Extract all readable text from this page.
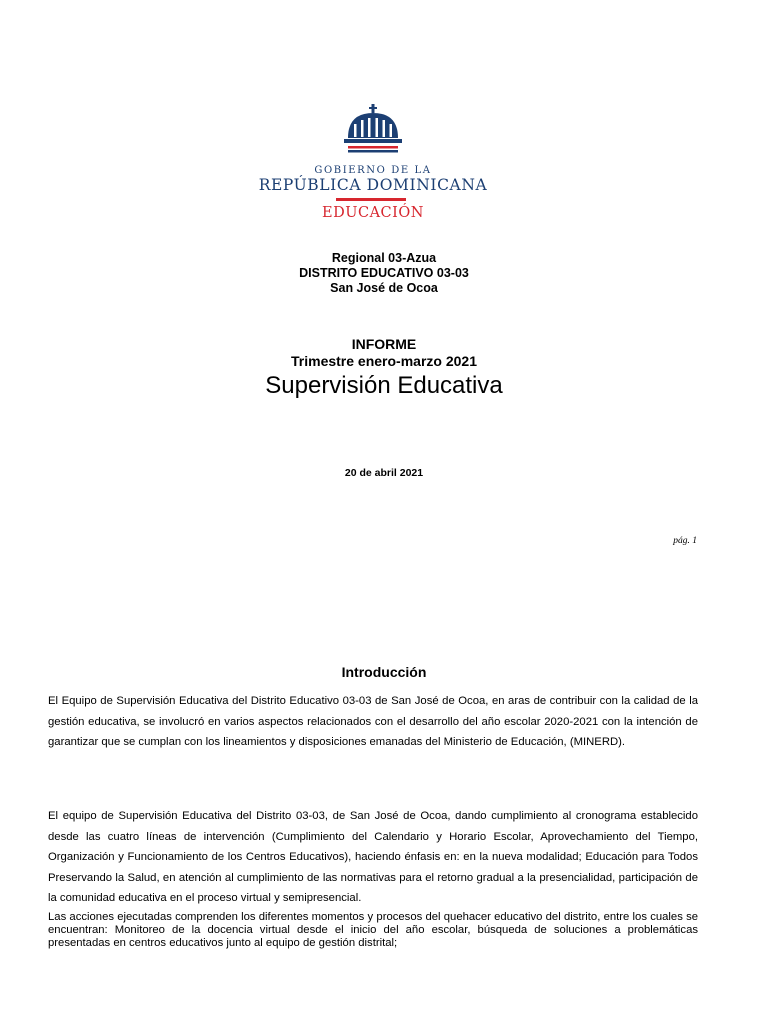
GOBIERNO DE LA
REPÚBLICA DOMINICANA
EDUCACIÓN
Regional 03-Azua
DISTRITO EDUCATIVO 03-03
San José de Ocoa
INFORME
Trimestre enero-marzo 2021
Supervisión Educativa
20 de abril 2021
pág. 1
Introducción

El Equipo de Supervisión Educativa del Distrito Educativo 03-03 de San José de Ocoa, en aras de contribuir con la calidad de la gestión educativa, se involucró en varios aspectos relacionados con el desarrollo del año escolar 2020-2021 con la intención de garantizar que se cumplan con los lineamientos y disposiciones emanadas del Ministerio de Educación, (MINERD).

El equipo de Supervisión Educativa del Distrito 03-03, de San José de Ocoa, dando cumplimiento al cronograma establecido desde las cuatro líneas de intervención (Cumplimiento del Calendario y Horario Escolar, Aprovechamiento del Tiempo, Organización y Funcionamiento de los Centros Educativos), haciendo énfasis en: en la nueva modalidad; Educación para Todos Preservando la Salud, en atención al cumplimiento de las normativas para el retorno gradual a la presencialidad, participación de la comunidad educativa en el proceso virtual y semipresencial.

Las acciones ejecutadas comprenden los diferentes momentos y procesos del quehacer educativo del distrito, entre los cuales se encuentran: Monitoreo de la docencia virtual desde el inicio del año escolar, búsqueda de soluciones a problemáticas presentadas en centros educativos junto al equipo de gestión distrital;
